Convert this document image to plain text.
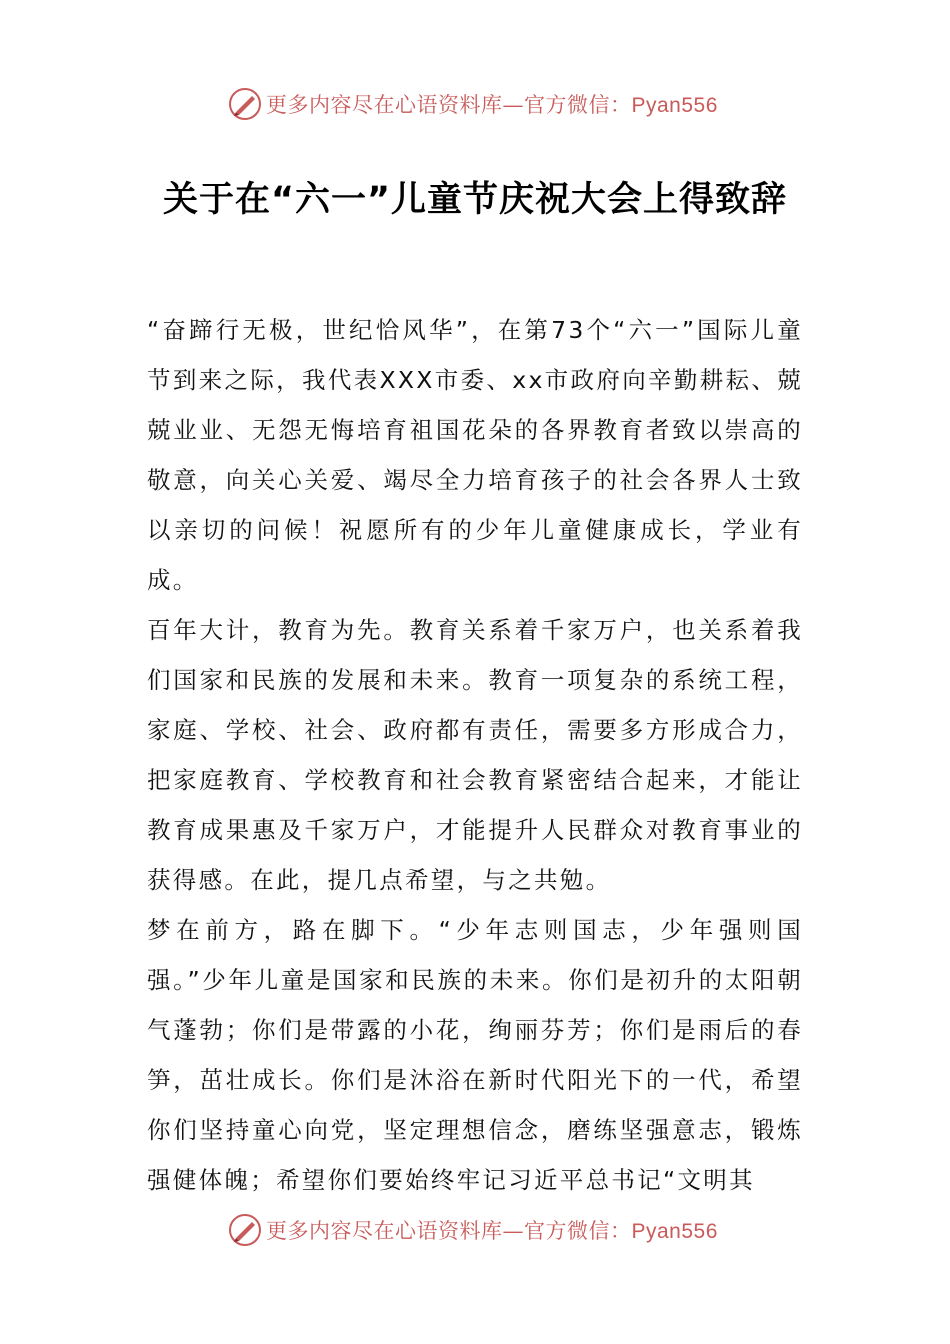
更多内容尽在心语资料库—官方微信：Pyan556
关于在“六一”儿童节庆祝大会上得致辞

“奋蹄行无极，世纪恰风华”，在第73个“六一”国际儿童节到来之际，我代表XXX市委、xx市政府向辛勤耕耘、兢兢业业、无怨无悔培育祖国花朵的各界教育者致以崇高的敬意，向关心关爱、竭尽全力培育孩子的社会各界人士致以亲切的问候！祝愿所有的少年儿童健康成长，学业有成。

百年大计，教育为先。教育关系着千家万户，也关系着我们国家和民族的发展和未来。教育一项复杂的系统工程，家庭、学校、社会、政府都有责任，需要多方形成合力，把家庭教育、学校教育和社会教育紧密结合起来，才能让教育成果惠及千家万户，才能提升人民群众对教育事业的获得感。在此，提几点希望，与之共勉。

梦在前方，路在脚下。“少年志则国志，少年强则国强。”少年儿童是国家和民族的未来。你们是初升的太阳朝气蓬勃；你们是带露的小花，绚丽芬芳；你们是雨后的春笋，茁壮成长。你们是沐浴在新时代阳光下的一代，希望你们坚持童心向党，坚定理想信念，磨练坚强意志，锻炼强健体魄；希望你们要始终牢记习近平总书记“文明其

更多内容尽在心语资料库—官方微信：Pyan556
